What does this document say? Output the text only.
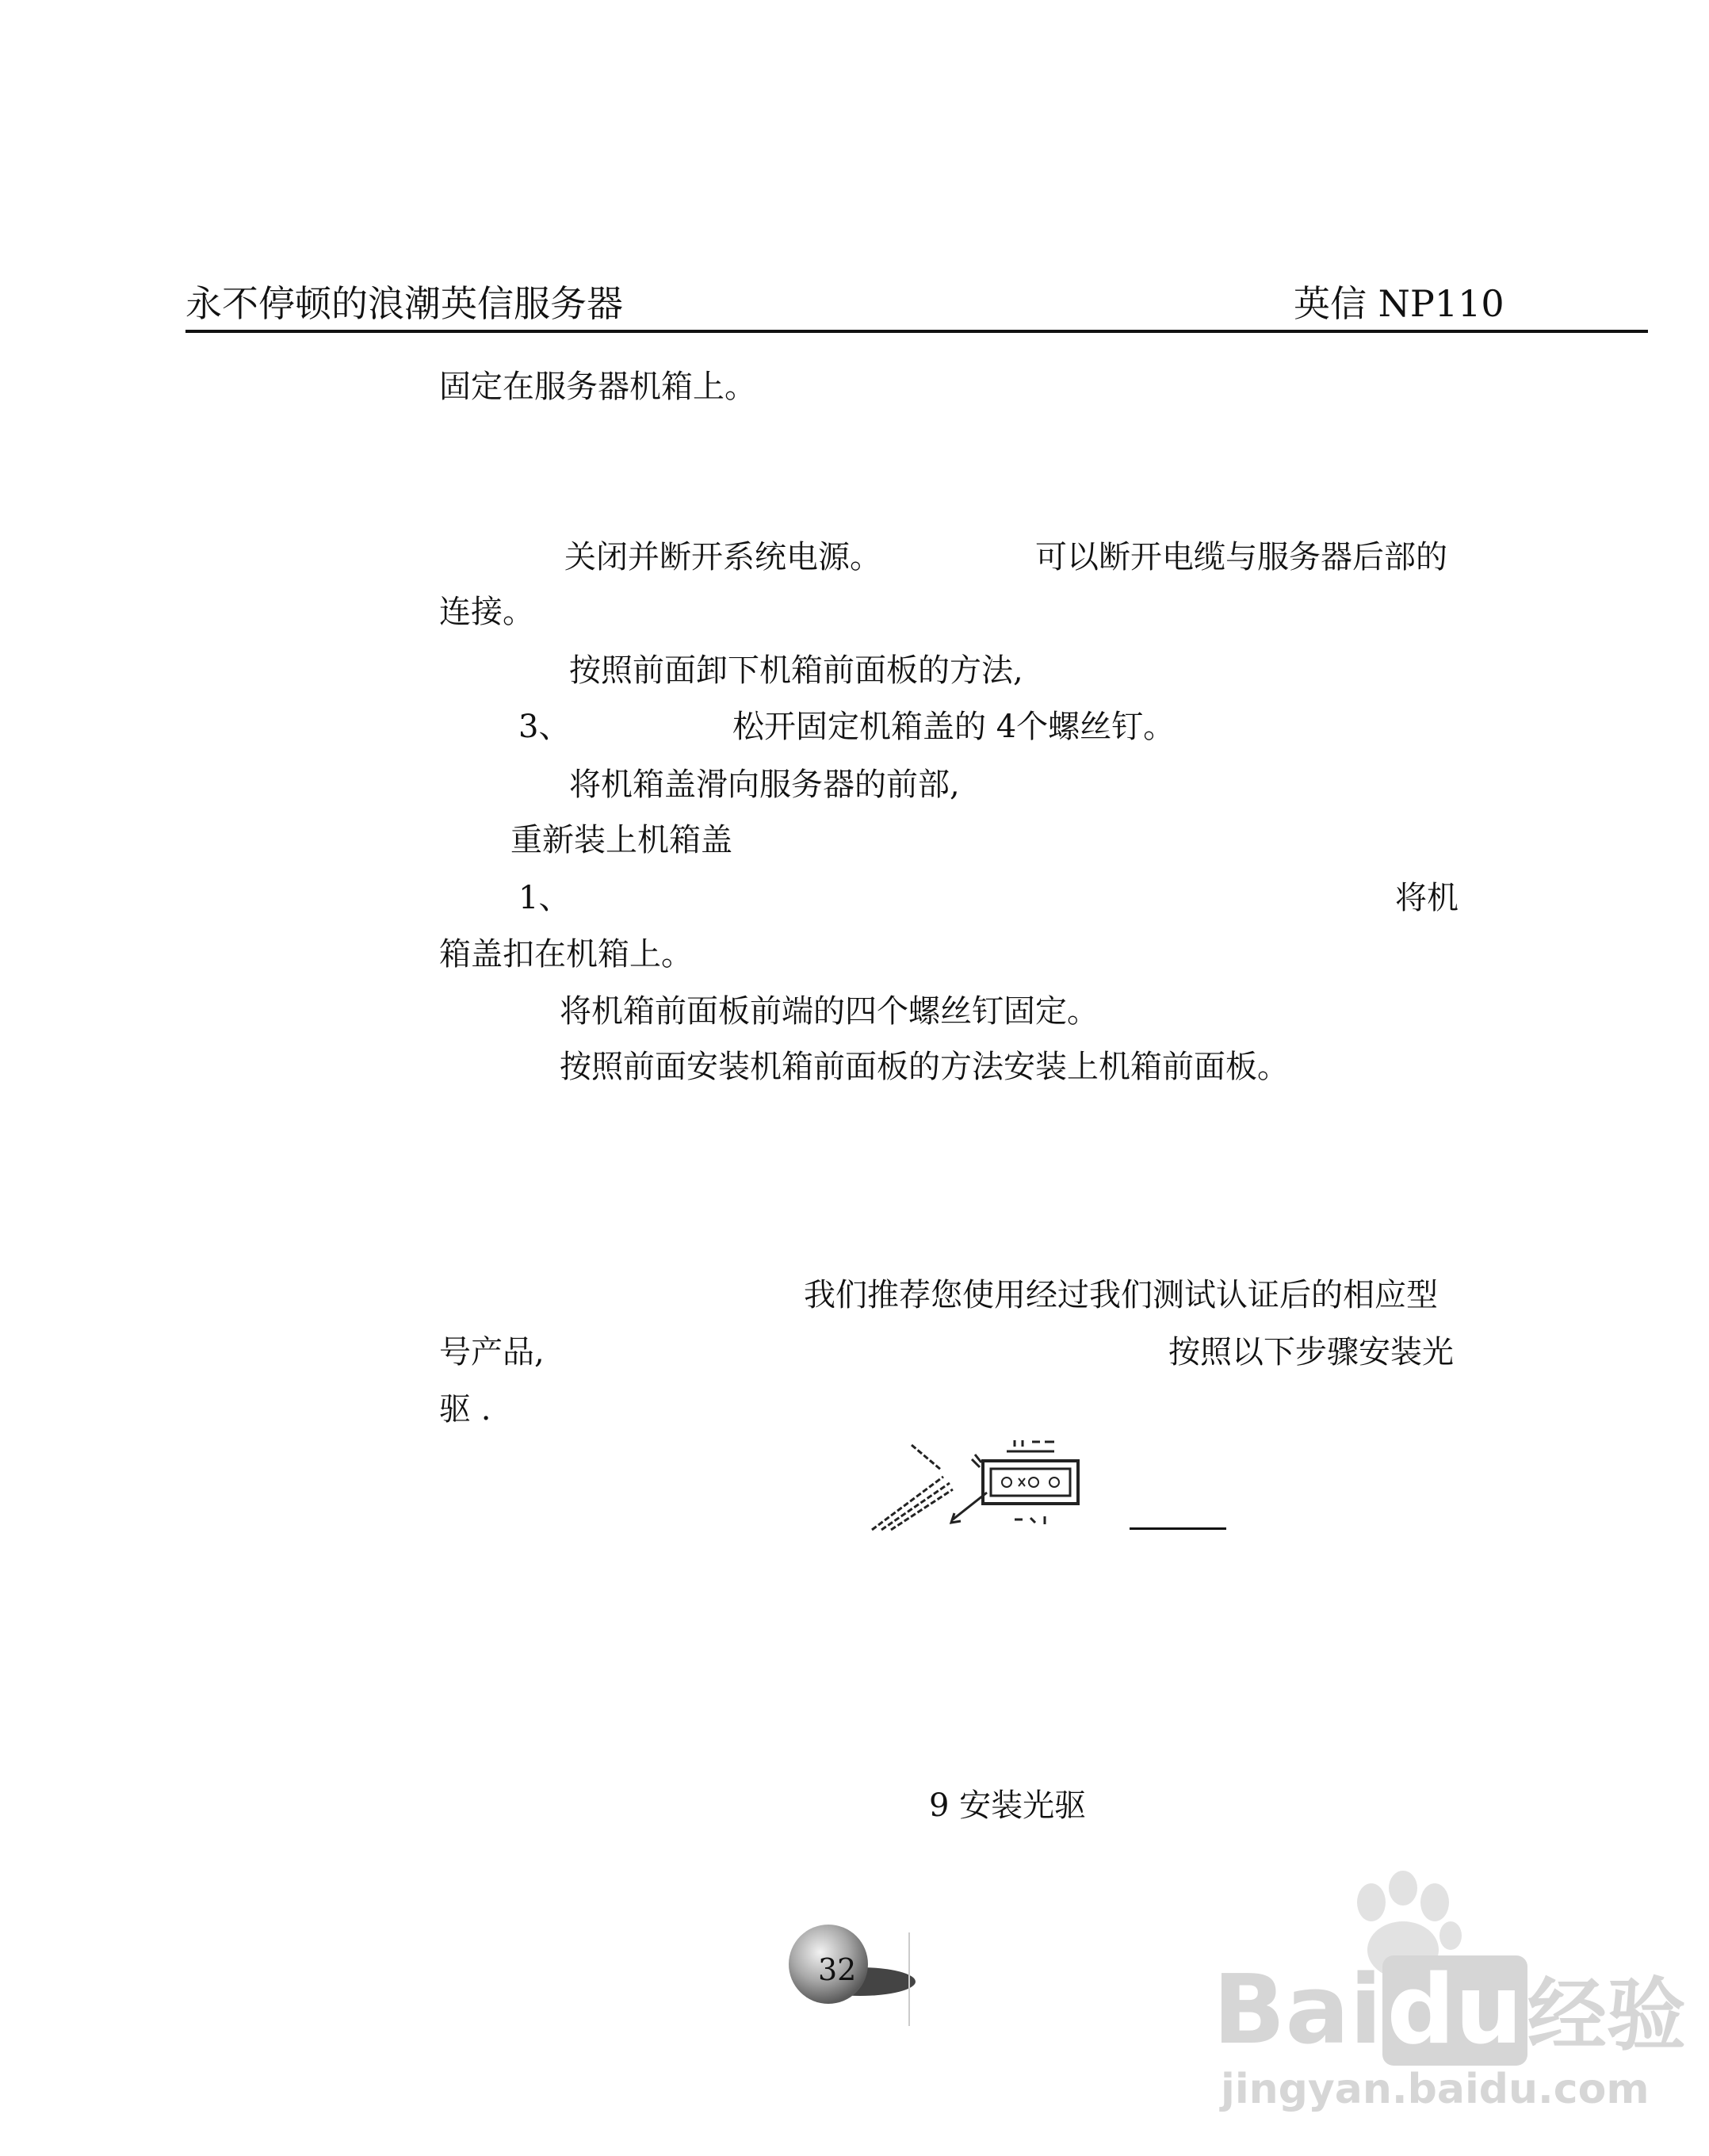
永不停顿的浪潮英信服务器	英信 NP110
固定在服务器机箱上。
关闭并断开系统电源。	可以断开电缆与服务器后部的
连接。
按照前面卸下机箱前面板的方法,
3、	松开固定机箱盖的 4个螺丝钉。
将机箱盖滑向服务器的前部,
重新装上机箱盖
1、	将机
箱盖扣在机箱上。
将机箱前面板前端的四个螺丝钉固定。
按照前面安装机箱前面板的方法安装上机箱前面板。
我们推荐您使用经过我们测试认证后的相应型
号产品,	按照以下步骤安装光
驱 .
9 安装光驱
32	Baidu经验
jingyan.baidu.com
